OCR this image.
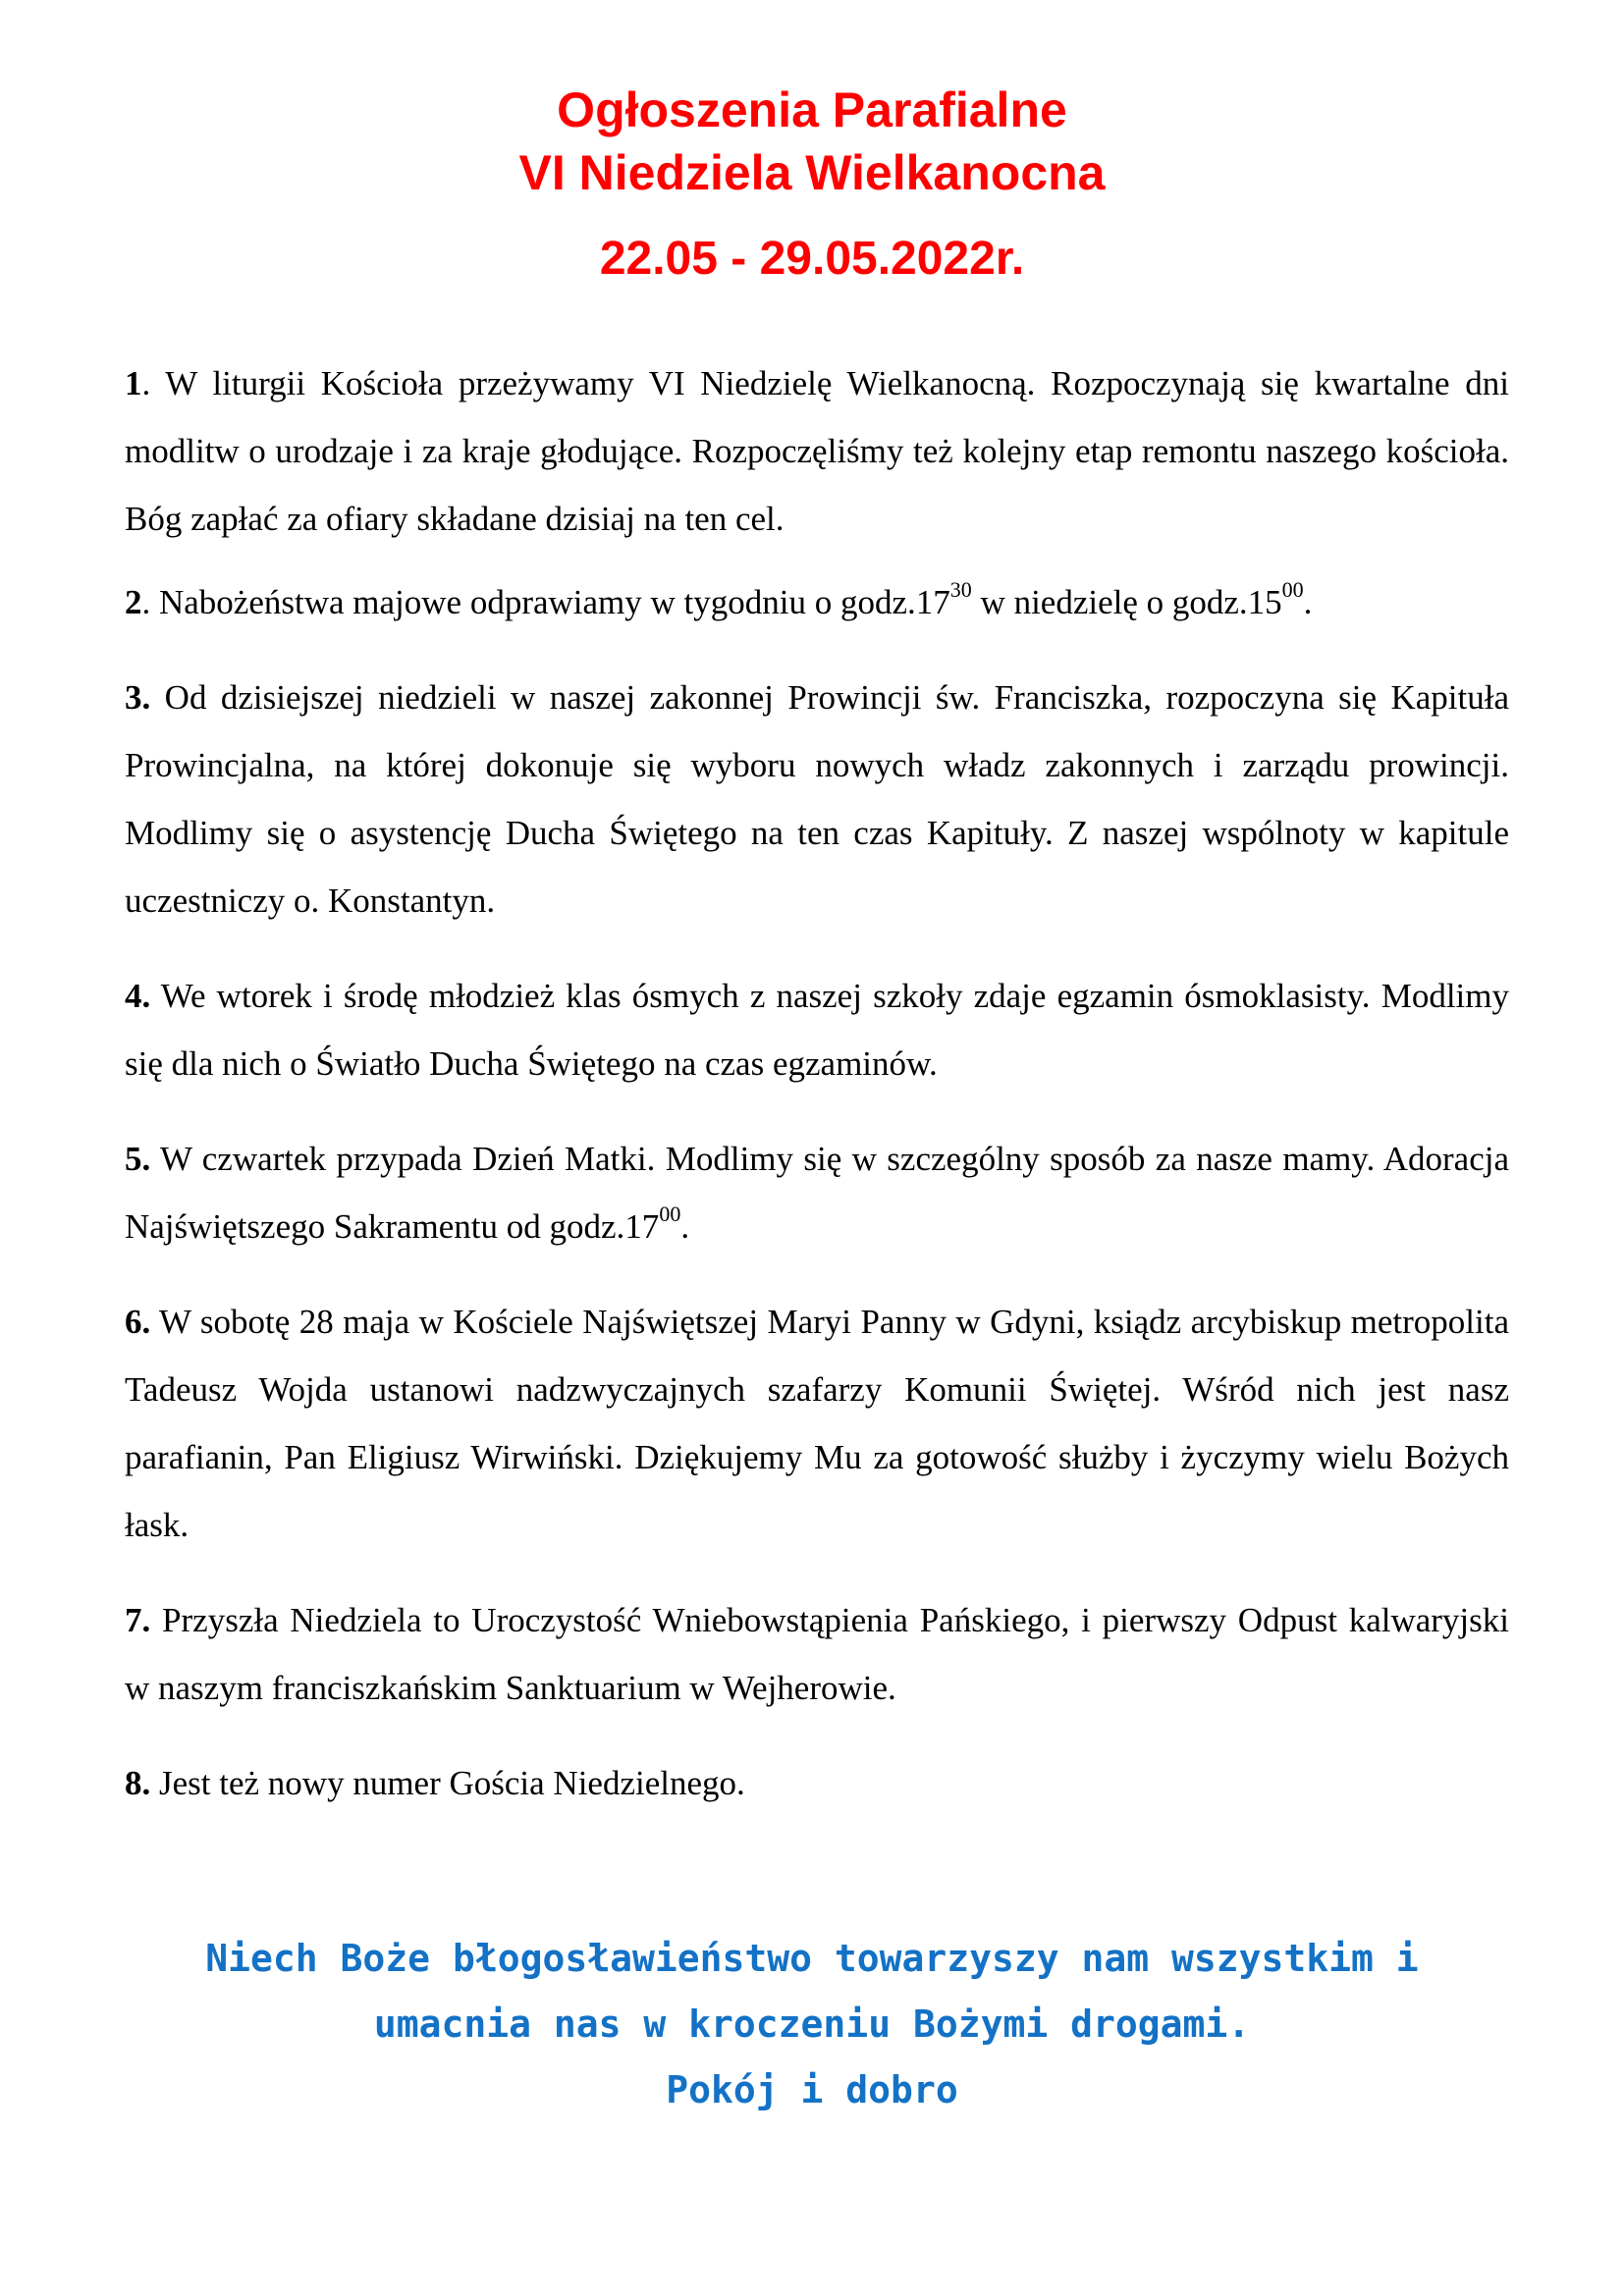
Ogłoszenia Parafialne
VI Niedziela Wielkanocna
22.05 - 29.05.2022r.

1. W liturgii Kościoła przeżywamy VI Niedzielę Wielkanocną. Rozpoczynają się kwartalne dni modlitw o urodzaje i za kraje głodujące. Rozpoczęliśmy też kolejny etap remontu naszego kościoła. Bóg zapłać za ofiary składane dzisiaj na ten cel.

2. Nabożeństwa majowe odprawiamy w tygodniu o $godz.17^{30}$ w niedzielę o $godz.15^{00}$.

3. Od dzisiejszej niedzieli w naszej zakonnej Prowincji św. Franciszka, rozpoczyna się Kapituła Prowincjalna, na której dokonuje się wyboru nowych władz zakonnych i zarządu prowincji. Modlimy się o asystencję Ducha Świętego na ten czas Kapituły. Z naszej wspólnoty w kapitule uczestniczy o. Konstantyn.

4. We wtorek i środę młodzież klas ósmych z naszej szkoły zdaje egzamin ósmoklasisty. Modlimy się dla nich o Światło Ducha Świętego na czas egzaminów.

5. W czwartek przypada Dzień Matki. Modlimy się w szczególny sposób za nasze mamy. Adoracja Najświętszego Sakramentu od $godz.17^{00}$.

6. W sobotę 28 maja w Kościele Najświętszej Maryi Panny w Gdyni, ksiądz arcybiskup metropolita Tadeusz Wojda ustanowi nadzwyczajnych szafarzy Komunii Świętej. Wśród nich jest nasz parafianin, Pan Eligiusz Wirwiński. Dziękujemy Mu za gotowość służby i życzymy wielu Bożych łask.

7. Przyszła Niedziela to Uroczystość Wniebowstąpienia Pańskiego, i pierwszy Odpust kalwaryjski w naszym franciszkańskim Sanktuarium w Wejherowie.

8. Jest też nowy numer Gościa Niedzielnego.

Niech Boże błogosławieństwo towarzyszy nam wszystkim i
umacnia nas w kroczeniu Bożymi drogami.
Pokój i dobro
